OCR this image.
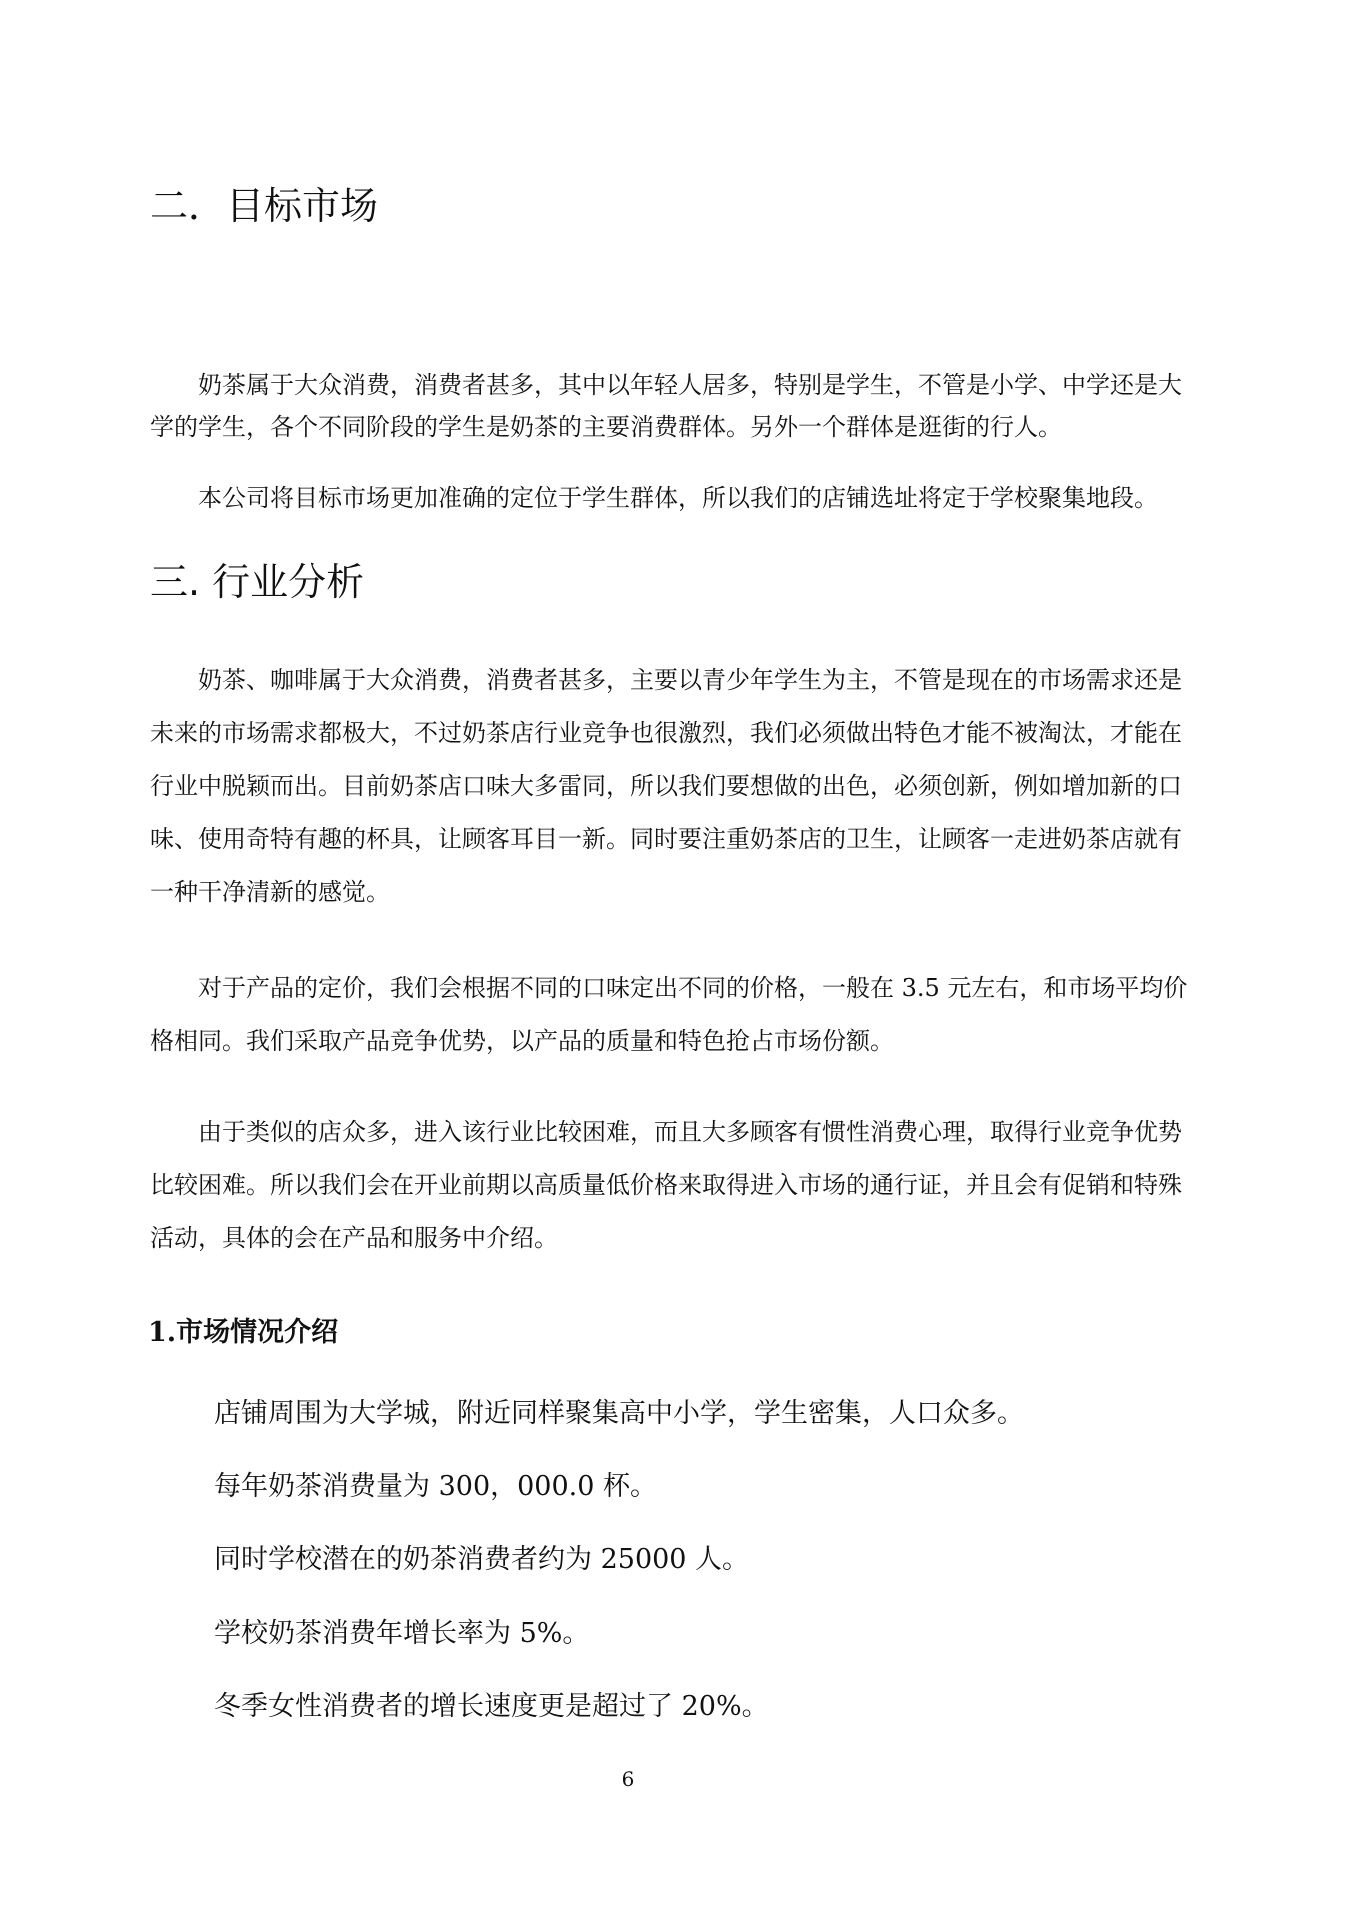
二．目标市场

奶茶属于大众消费，消费者甚多，其中以年轻人居多，特别是学生，不管是小学、中学还是大学的学生，各个不同阶段的学生是奶茶的主要消费群体。另外一个群体是逛街的行人。

本公司将目标市场更加准确的定位于学生群体，所以我们的店铺选址将定于学校聚集地段。

三. 行业分析

奶茶、咖啡属于大众消费，消费者甚多，主要以青少年学生为主，不管是现在的市场需求还是未来的市场需求都极大，不过奶茶店行业竞争也很激烈，我们必须做出特色才能不被淘汰，才能在行业中脱颖而出。目前奶茶店口味大多雷同，所以我们要想做的出色，必须创新，例如增加新的口味、使用奇特有趣的杯具，让顾客耳目一新。同时要注重奶茶店的卫生，让顾客一走进奶茶店就有一种干净清新的感觉。

对于产品的定价，我们会根据不同的口味定出不同的价格，一般在 3.5 元左右，和市场平均价格相同。我们采取产品竞争优势，以产品的质量和特色抢占市场份额。

由于类似的店众多，进入该行业比较困难，而且大多顾客有惯性消费心理，取得行业竞争优势比较困难。所以我们会在开业前期以高质量低价格来取得进入市场的通行证，并且会有促销和特殊活动，具体的会在产品和服务中介绍。

1.市场情况介绍

店铺周围为大学城，附近同样聚集高中小学，学生密集，人口众多。

每年奶茶消费量为 300，000.0 杯。

同时学校潜在的奶茶消费者约为 25000 人。

学校奶茶消费年增长率为 5%。

冬季女性消费者的增长速度更是超过了 20%。

6
